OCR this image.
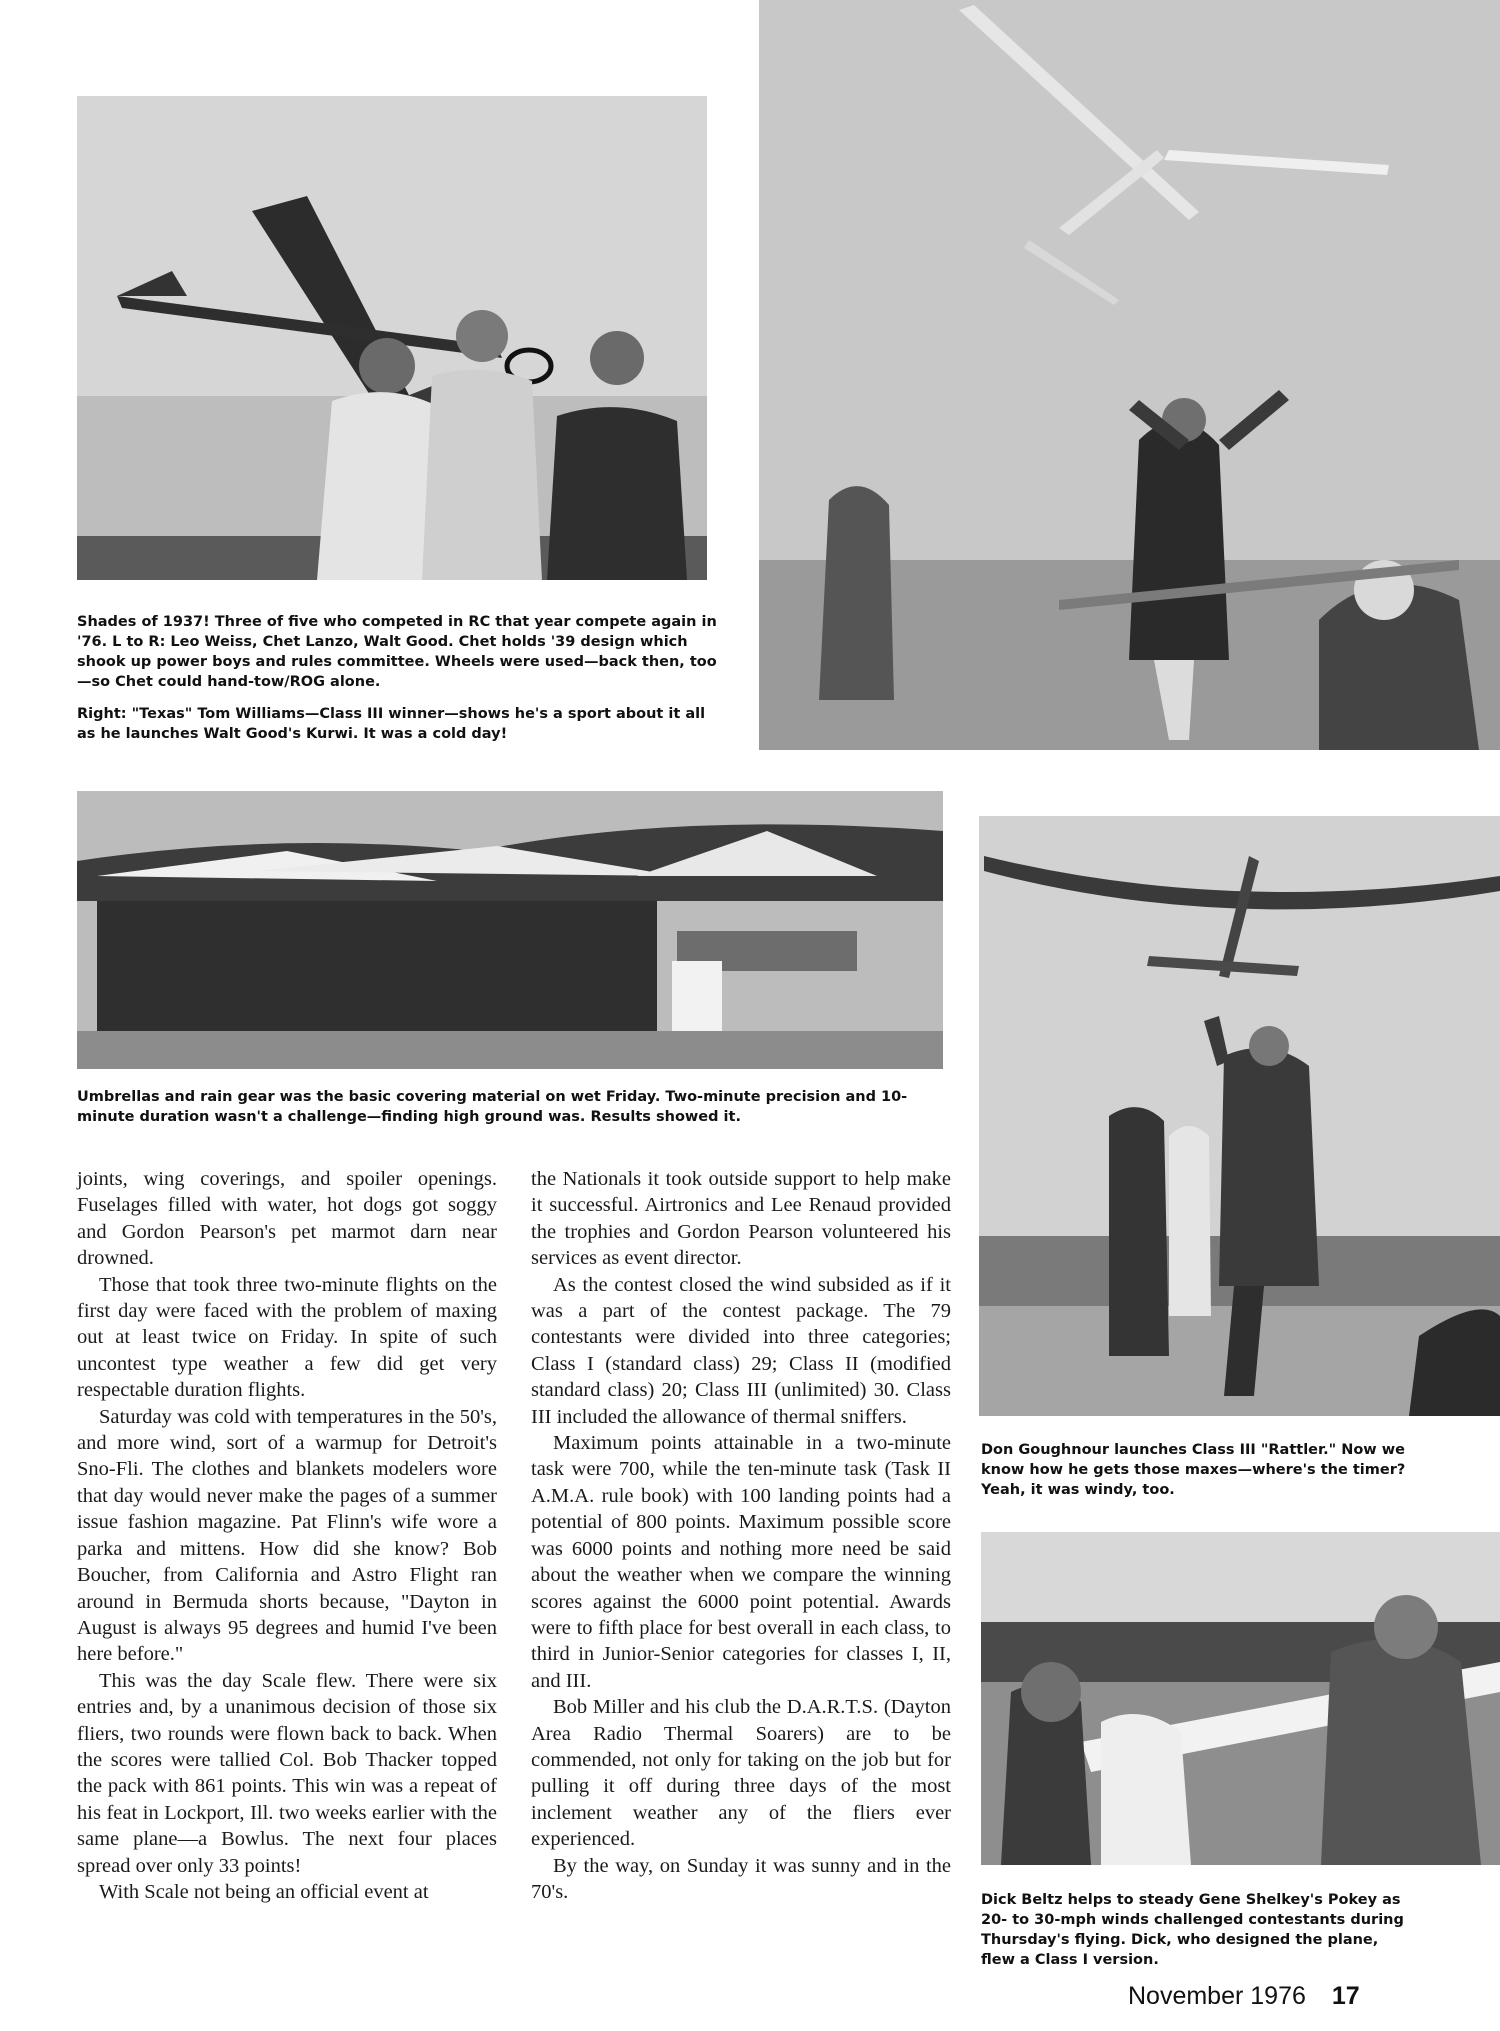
Shades of 1937! Three of five who competed in RC that year compete again in '76. L to R: Leo Weiss, Chet Lanzo, Walt Good. Chet holds '39 design which shook up power boys and rules committee. Wheels were used—back then, too—so Chet could hand-tow/ROG alone.

Right: "Texas" Tom Williams—Class III winner—shows he's a sport about it all as he launches Walt Good's Kurwi. It was a cold day!

Umbrellas and rain gear was the basic covering material on wet Friday. Two-minute precision and 10-minute duration wasn't a challenge—finding high ground was. Results showed it.

Don Goughnour launches Class III "Rattler." Now we know how he gets those maxes—where's the timer? Yeah, it was windy, too.

Dick Beltz helps to steady Gene Shelkey's Pokey as 20- to 30-mph winds challenged contestants during Thursday's flying. Dick, who designed the plane, flew a Class I version.

joints, wing coverings, and spoiler openings. Fuselages filled with water, hot dogs got soggy and Gordon Pearson's pet marmot darn near drowned.

Those that took three two-minute flights on the first day were faced with the problem of maxing out at least twice on Friday. In spite of such uncontest type weather a few did get very respectable duration flights.

Saturday was cold with temperatures in the 50's, and more wind, sort of a warmup for Detroit's Sno-Fli. The clothes and blankets modelers wore that day would never make the pages of a summer issue fashion magazine. Pat Flinn's wife wore a parka and mittens. How did she know? Bob Boucher, from California and Astro Flight ran around in Bermuda shorts because, "Dayton in August is always 95 degrees and humid I've been here before."

This was the day Scale flew. There were six entries and, by a unanimous decision of those six fliers, two rounds were flown back to back. When the scores were tallied Col. Bob Thacker topped the pack with 861 points. This win was a repeat of his feat in Lockport, Ill. two weeks earlier with the same plane—a Bowlus. The next four places spread over only 33 points!

With Scale not being an official event at

the Nationals it took outside support to help make it successful. Airtronics and Lee Renaud provided the trophies and Gordon Pearson volunteered his services as event director.

As the contest closed the wind subsided as if it was a part of the contest package. The 79 contestants were divided into three categories; Class I (standard class) 29; Class II (modified standard class) 20; Class III (unlimited) 30. Class III included the allowance of thermal sniffers.

Maximum points attainable in a two-minute task were 700, while the ten-minute task (Task II A.M.A. rule book) with 100 landing points had a potential of 800 points. Maximum possible score was 6000 points and nothing more need be said about the weather when we compare the winning scores against the 6000 point potential. Awards were to fifth place for best overall in each class, to third in Junior-Senior categories for classes I, II, and III.

Bob Miller and his club the D.A.R.T.S. (Dayton Area Radio Thermal Soarers) are to be commended, not only for taking on the job but for pulling it off during three days of the most inclement weather any of the fliers ever experienced.

By the way, on Sunday it was sunny and in the 70's.

November 1976 17
